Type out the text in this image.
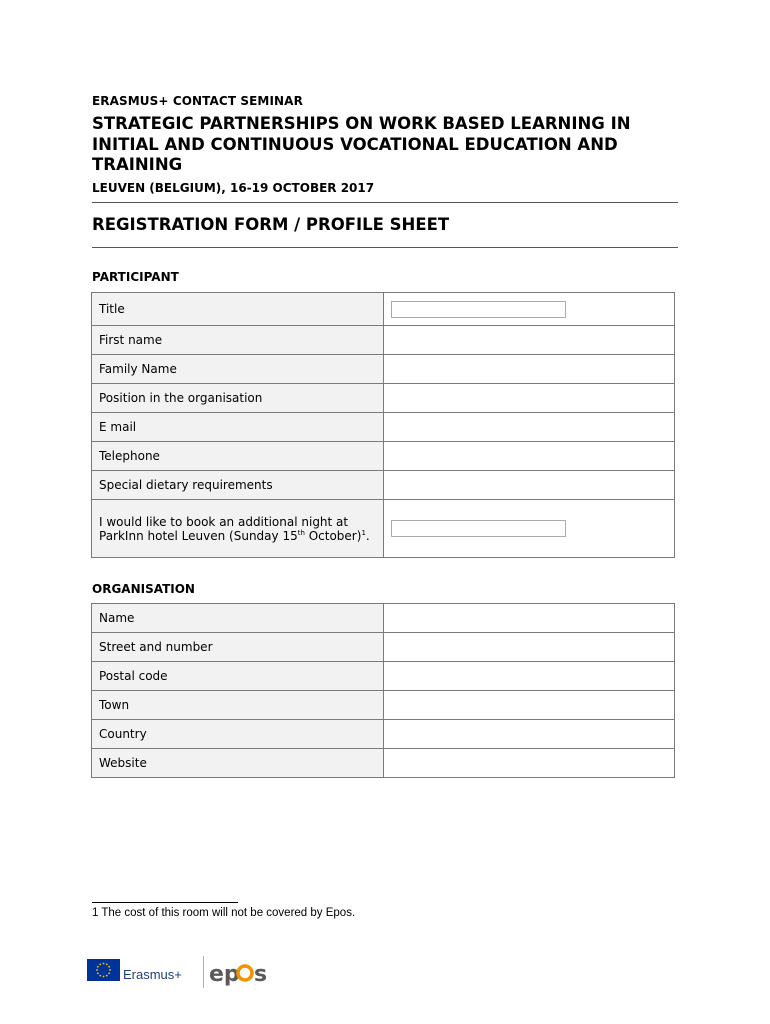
ERASMUS+ CONTACT SEMINAR
STRATEGIC PARTNERSHIPS ON WORK BASED LEARNING IN INITIAL AND CONTINUOUS VOCATIONAL EDUCATION AND TRAINING
LEUVEN (BELGIUM), 16-19 OCTOBER 2017
REGISTRATION FORM / PROFILE SHEET
PARTICIPANT
Title	

First name	
Family Name	
Position in the organisation	
E mail	
Telephone	
Special dietary requirements	
I would like to book an additional night at ParkInn hotel Leuven (Sunday 15th October)$^1$.	
ORGANISATION
Name	
Street and number	
Postal code	
Town	
Country	
Website	
1 The cost of this room will not be covered by Epos.
Erasmus+ ep s
